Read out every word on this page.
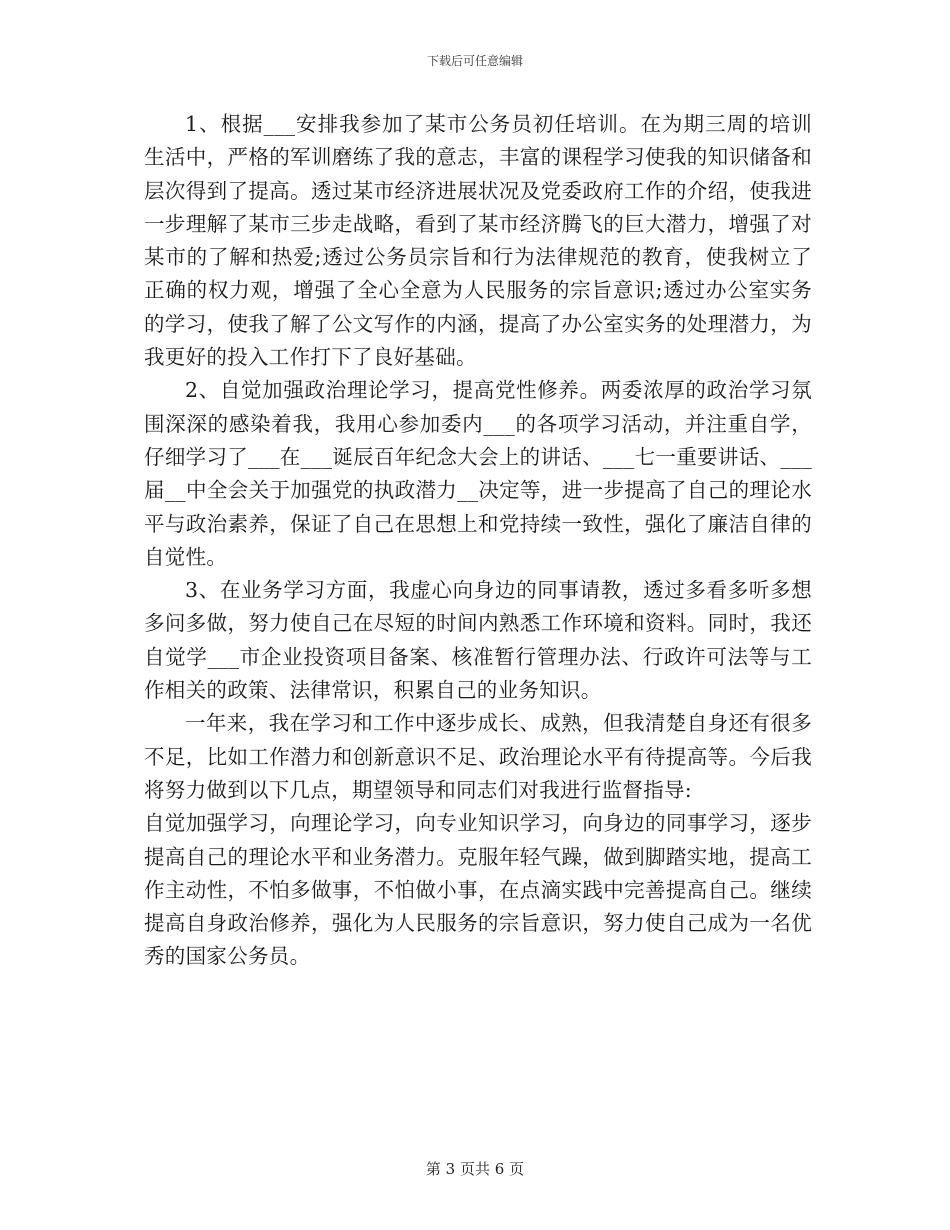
下载后可任意编辑

1、根据___安排我参加了某市公务员初任培训。在为期三周的培训生活中，严格的军训磨练了我的意志，丰富的课程学习使我的知识储备和层次得到了提高。透过某市经济进展状况及党委政府工作的介绍，使我进一步理解了某市三步走战略，看到了某市经济腾飞的巨大潜力，增强了对某市的了解和热爱;透过公务员宗旨和行为法律规范的教育，使我树立了正确的权力观，增强了全心全意为人民服务的宗旨意识;透过办公室实务的学习，使我了解了公文写作的内涵，提高了办公室实务的处理潜力，为我更好的投入工作打下了良好基础。

2、自觉加强政治理论学习，提高党性修养。两委浓厚的政治学习氛围深深的感染着我，我用心参加委内___的各项学习活动，并注重自学，仔细学习了___在___诞辰百年纪念大会上的讲话、___七一重要讲话、___届__中全会关于加强党的执政潜力__决定等，进一步提高了自己的理论水平与政治素养，保证了自己在思想上和党持续一致性，强化了廉洁自律的自觉性。

3、在业务学习方面，我虚心向身边的同事请教，透过多看多听多想多问多做，努力使自己在尽短的时间内熟悉工作环境和资料。同时，我还自觉学___市企业投资项目备案、核准暂行管理办法、行政许可法等与工作相关的政策、法律常识，积累自己的业务知识。

一年来，我在学习和工作中逐步成长、成熟，但我清楚自身还有很多不足，比如工作潜力和创新意识不足、政治理论水平有待提高等。今后我将努力做到以下几点，期望领导和同志们对我进行监督指导:

自觉加强学习，向理论学习，向专业知识学习，向身边的同事学习，逐步提高自己的理论水平和业务潜力。克服年轻气躁，做到脚踏实地，提高工作主动性，不怕多做事，不怕做小事，在点滴实践中完善提高自己。继续提高自身政治修养，强化为人民服务的宗旨意识，努力使自己成为一名优秀的国家公务员。

第 3 页共 6 页
